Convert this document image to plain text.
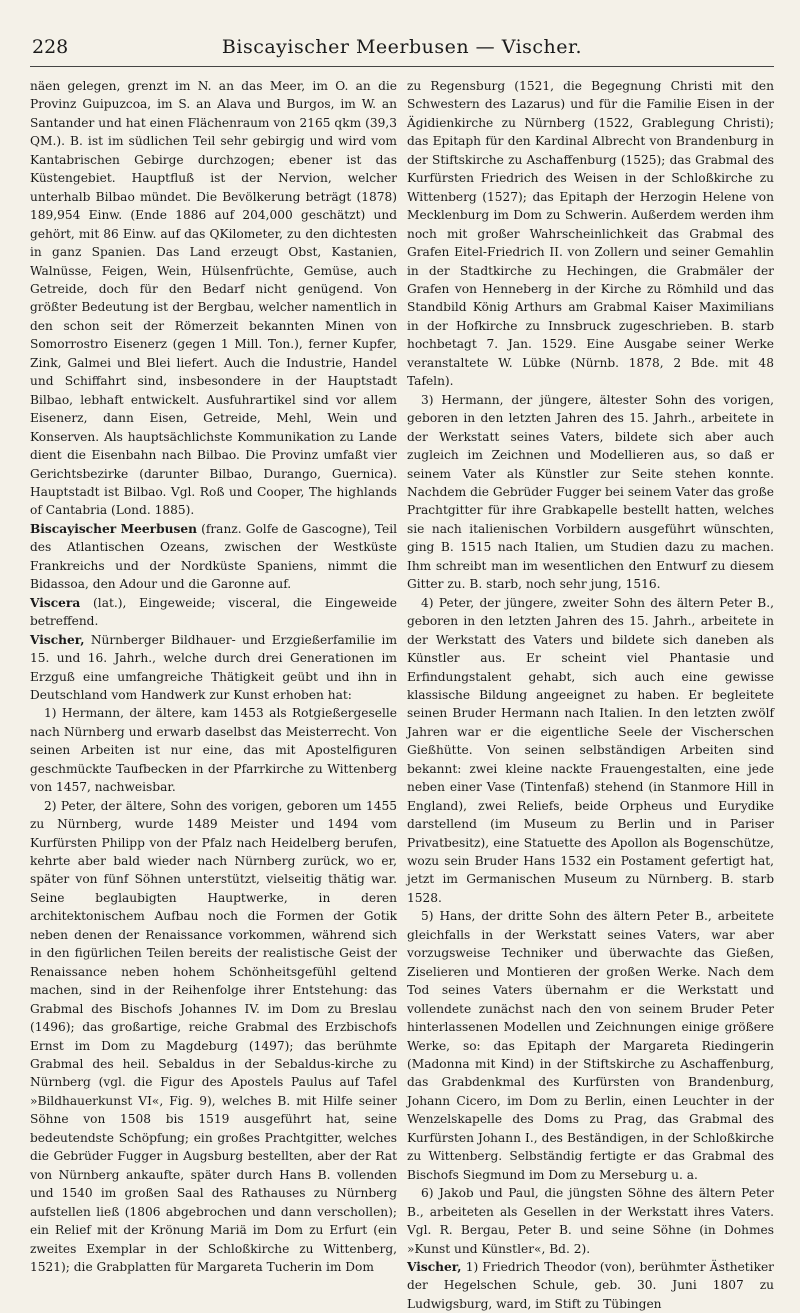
228	Biscayischer Meerbusen — Vischer.

näen gelegen, grenzt im N. an das Meer, im O. an die Provinz Guipuzcoa, im S. an Alava und Burgos, im W. an Santander und hat einen Flächenraum von 2165 qkm (39,3 QM.). B. ist im südlichen Teil sehr gebirgig und wird vom Kantabrischen Gebirge durchzogen; ebener ist das Küstengebiet. Hauptfluß ist der Nervion, welcher unterhalb Bilbao mündet. Die Bevölkerung beträgt (1878) 189,954 Einw. (Ende 1886 auf 204,000 geschätzt) und gehört, mit 86 Einw. auf das QKilometer, zu den dichtesten in ganz Spanien. Das Land erzeugt Obst, Kastanien, Walnüsse, Feigen, Wein, Hülsenfrüchte, Gemüse, auch Getreide, doch für den Bedarf nicht genügend. Von größter Bedeutung ist der Bergbau, welcher namentlich in den schon seit der Römerzeit bekannten Minen von Somorrostro Eisenerz (gegen 1 Mill. Ton.), ferner Kupfer, Zink, Galmei und Blei liefert. Auch die Industrie, Handel und Schiffahrt sind, insbesondere in der Hauptstadt Bilbao, lebhaft entwickelt. Ausfuhrartikel sind vor allem Eisenerz, dann Eisen, Getreide, Mehl, Wein und Konserven. Als hauptsächlichste Kommunikation zu Lande dient die Eisenbahn nach Bilbao. Die Provinz umfaßt vier Gerichtsbezirke (darunter Bilbao, Durango, Guernica). Hauptstadt ist Bilbao. Vgl. Roß und Cooper, The highlands of Cantabria (Lond. 1885).

Biscayischer Meerbusen (franz. Golfe de Gascogne), Teil des Atlantischen Ozeans, zwischen der Westküste Frankreichs und der Nordküste Spaniens, nimmt die Bidassoa, den Adour und die Garonne auf.

Viscera (lat.), Eingeweide; visceral, die Eingeweide betreffend.

Vischer, Nürnberger Bildhauer- und Erzgießerfamilie im 15. und 16. Jahrh., welche durch drei Generationen im Erzguß eine umfangreiche Thätigkeit geübt und ihn in Deutschland vom Handwerk zur Kunst erhoben hat:

1) Hermann, der ältere, kam 1453 als Rotgießergeselle nach Nürnberg und erwarb daselbst das Meisterrecht. Von seinen Arbeiten ist nur eine, das mit Apostelfiguren geschmückte Taufbecken in der Pfarrkirche zu Wittenberg von 1457, nachweisbar.

2) Peter, der ältere, Sohn des vorigen, geboren um 1455 zu Nürnberg, wurde 1489 Meister und 1494 vom Kurfürsten Philipp von der Pfalz nach Heidelberg berufen, kehrte aber bald wieder nach Nürnberg zurück, wo er, später von fünf Söhnen unterstützt, vielseitig thätig war. Seine beglaubigten Hauptwerke, in deren architektonischem Aufbau noch die Formen der Gotik neben denen der Renaissance vorkommen, während sich in den figürlichen Teilen bereits der realistische Geist der Renaissance neben hohem Schönheitsgefühl geltend machen, sind in der Reihenfolge ihrer Entstehung: das Grabmal des Bischofs Johannes IV. im Dom zu Breslau (1496); das großartige, reiche Grabmal des Erzbischofs Ernst im Dom zu Magdeburg (1497); das berühmte Grabmal des heil. Sebaldus in der Sebaldus-kirche zu Nürnberg (vgl. die Figur des Apostels Paulus auf Tafel »Bildhauerkunst VI«, Fig. 9), welches B. mit Hilfe seiner Söhne von 1508 bis 1519 ausgeführt hat, seine bedeutendste Schöpfung; ein großes Prachtgitter, welches die Gebrüder Fugger in Augsburg bestellten, aber der Rat von Nürnberg ankaufte, später durch Hans B. vollenden und 1540 im großen Saal des Rathauses zu Nürnberg aufstellen ließ (1806 abgebrochen und dann verschollen); ein Relief mit der Krönung Mariä im Dom zu Erfurt (ein zweites Exemplar in der Schloßkirche zu Wittenberg, 1521); die Grabplatten für Margareta Tucherin im Dom

zu Regensburg (1521, die Begegnung Christi mit den Schwestern des Lazarus) und für die Familie Eisen in der Ägidienkirche zu Nürnberg (1522, Grablegung Christi); das Epitaph für den Kardinal Albrecht von Brandenburg in der Stiftskirche zu Aschaffenburg (1525); das Grabmal des Kurfürsten Friedrich des Weisen in der Schloßkirche zu Wittenberg (1527); das Epitaph der Herzogin Helene von Mecklenburg im Dom zu Schwerin. Außerdem werden ihm noch mit großer Wahrscheinlichkeit das Grabmal des Grafen Eitel-Friedrich II. von Zollern und seiner Gemahlin in der Stadtkirche zu Hechingen, die Grabmäler der Grafen von Henneberg in der Kirche zu Römhild und das Standbild König Arthurs am Grabmal Kaiser Maximilians in der Hofkirche zu Innsbruck zugeschrieben. B. starb hochbetagt 7. Jan. 1529. Eine Ausgabe seiner Werke veranstaltete W. Lübke (Nürnb. 1878, 2 Bde. mit 48 Tafeln).

3) Hermann, der jüngere, ältester Sohn des vorigen, geboren in den letzten Jahren des 15. Jahrh., arbeitete in der Werkstatt seines Vaters, bildete sich aber auch zugleich im Zeichnen und Modellieren aus, so daß er seinem Vater als Künstler zur Seite stehen konnte. Nachdem die Gebrüder Fugger bei seinem Vater das große Prachtgitter für ihre Grabkapelle bestellt hatten, welches sie nach italienischen Vorbildern ausgeführt wünschten, ging B. 1515 nach Italien, um Studien dazu zu machen. Ihm schreibt man im wesentlichen den Entwurf zu diesem Gitter zu. B. starb, noch sehr jung, 1516.

4) Peter, der jüngere, zweiter Sohn des ältern Peter B., geboren in den letzten Jahren des 15. Jahrh., arbeitete in der Werkstatt des Vaters und bildete sich daneben als Künstler aus. Er scheint viel Phantasie und Erfindungstalent gehabt, sich auch eine gewisse klassische Bildung angeeignet zu haben. Er begleitete seinen Bruder Hermann nach Italien. In den letzten zwölf Jahren war er die eigentliche Seele der Vischerschen Gießhütte. Von seinen selbständigen Arbeiten sind bekannt: zwei kleine nackte Frauengestalten, eine jede neben einer Vase (Tintenfaß) stehend (in Stanmore Hill in England), zwei Reliefs, beide Orpheus und Eurydike darstellend (im Museum zu Berlin und in Pariser Privatbesitz), eine Statuette des Apollon als Bogenschütze, wozu sein Bruder Hans 1532 ein Postament gefertigt hat, jetzt im Germanischen Museum zu Nürnberg. B. starb 1528.

5) Hans, der dritte Sohn des ältern Peter B., arbeitete gleichfalls in der Werkstatt seines Vaters, war aber vorzugsweise Techniker und überwachte das Gießen, Ziselieren und Montieren der großen Werke. Nach dem Tod seines Vaters übernahm er die Werkstatt und vollendete zunächst nach den von seinem Bruder Peter hinterlassenen Modellen und Zeichnungen einige größere Werke, so: das Epitaph der Margareta Riedingerin (Madonna mit Kind) in der Stiftskirche zu Aschaffenburg, das Grabdenkmal des Kurfürsten von Brandenburg, Johann Cicero, im Dom zu Berlin, einen Leuchter in der Wenzelskapelle des Doms zu Prag, das Grabmal des Kurfürsten Johann I., des Beständigen, in der Schloßkirche zu Wittenberg. Selbständig fertigte er das Grabmal des Bischofs Siegmund im Dom zu Merseburg u. a.

6) Jakob und Paul, die jüngsten Söhne des ältern Peter B., arbeiteten als Gesellen in der Werkstatt ihres Vaters. Vgl. R. Bergau, Peter B. und seine Söhne (in Dohmes »Kunst und Künstler«, Bd. 2).

Vischer, 1) Friedrich Theodor (von), berühmter Ästhetiker der Hegelschen Schule, geb. 30. Juni 1807 zu Ludwigsburg, ward, im Stift zu Tübingen
